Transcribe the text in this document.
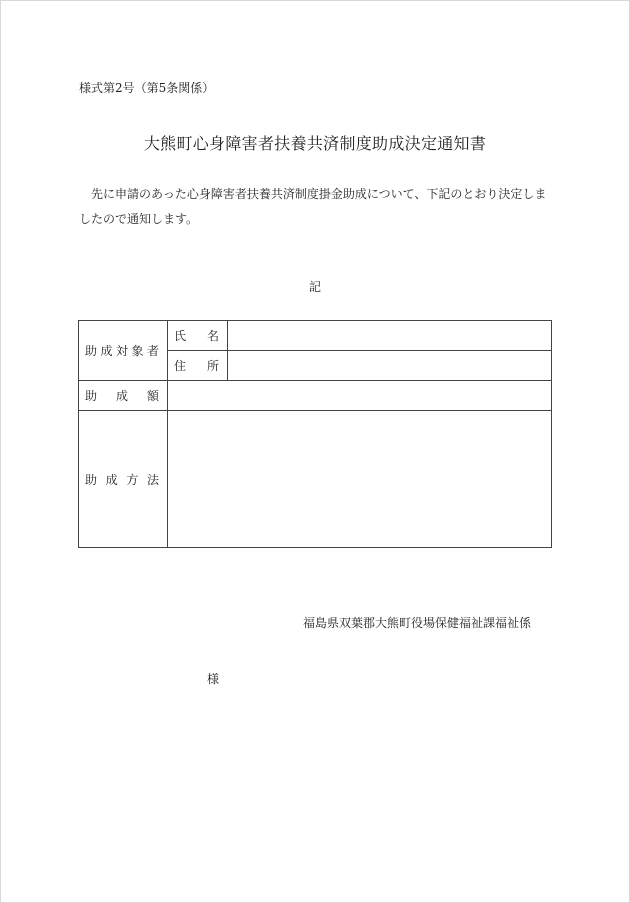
様式第2号（第5条関係）
大熊町心身障害者扶養共済制度助成決定通知書
先に申請のあった心身障害者扶養共済制度掛金助成について、下記のとおり決定しましたので通知します。
記
助 成 対 象 者	氏 名	

	住 所	

助 成 額		

助 成 方 法		

福島県双葉郡大熊町役場保健福祉課福祉係
様
